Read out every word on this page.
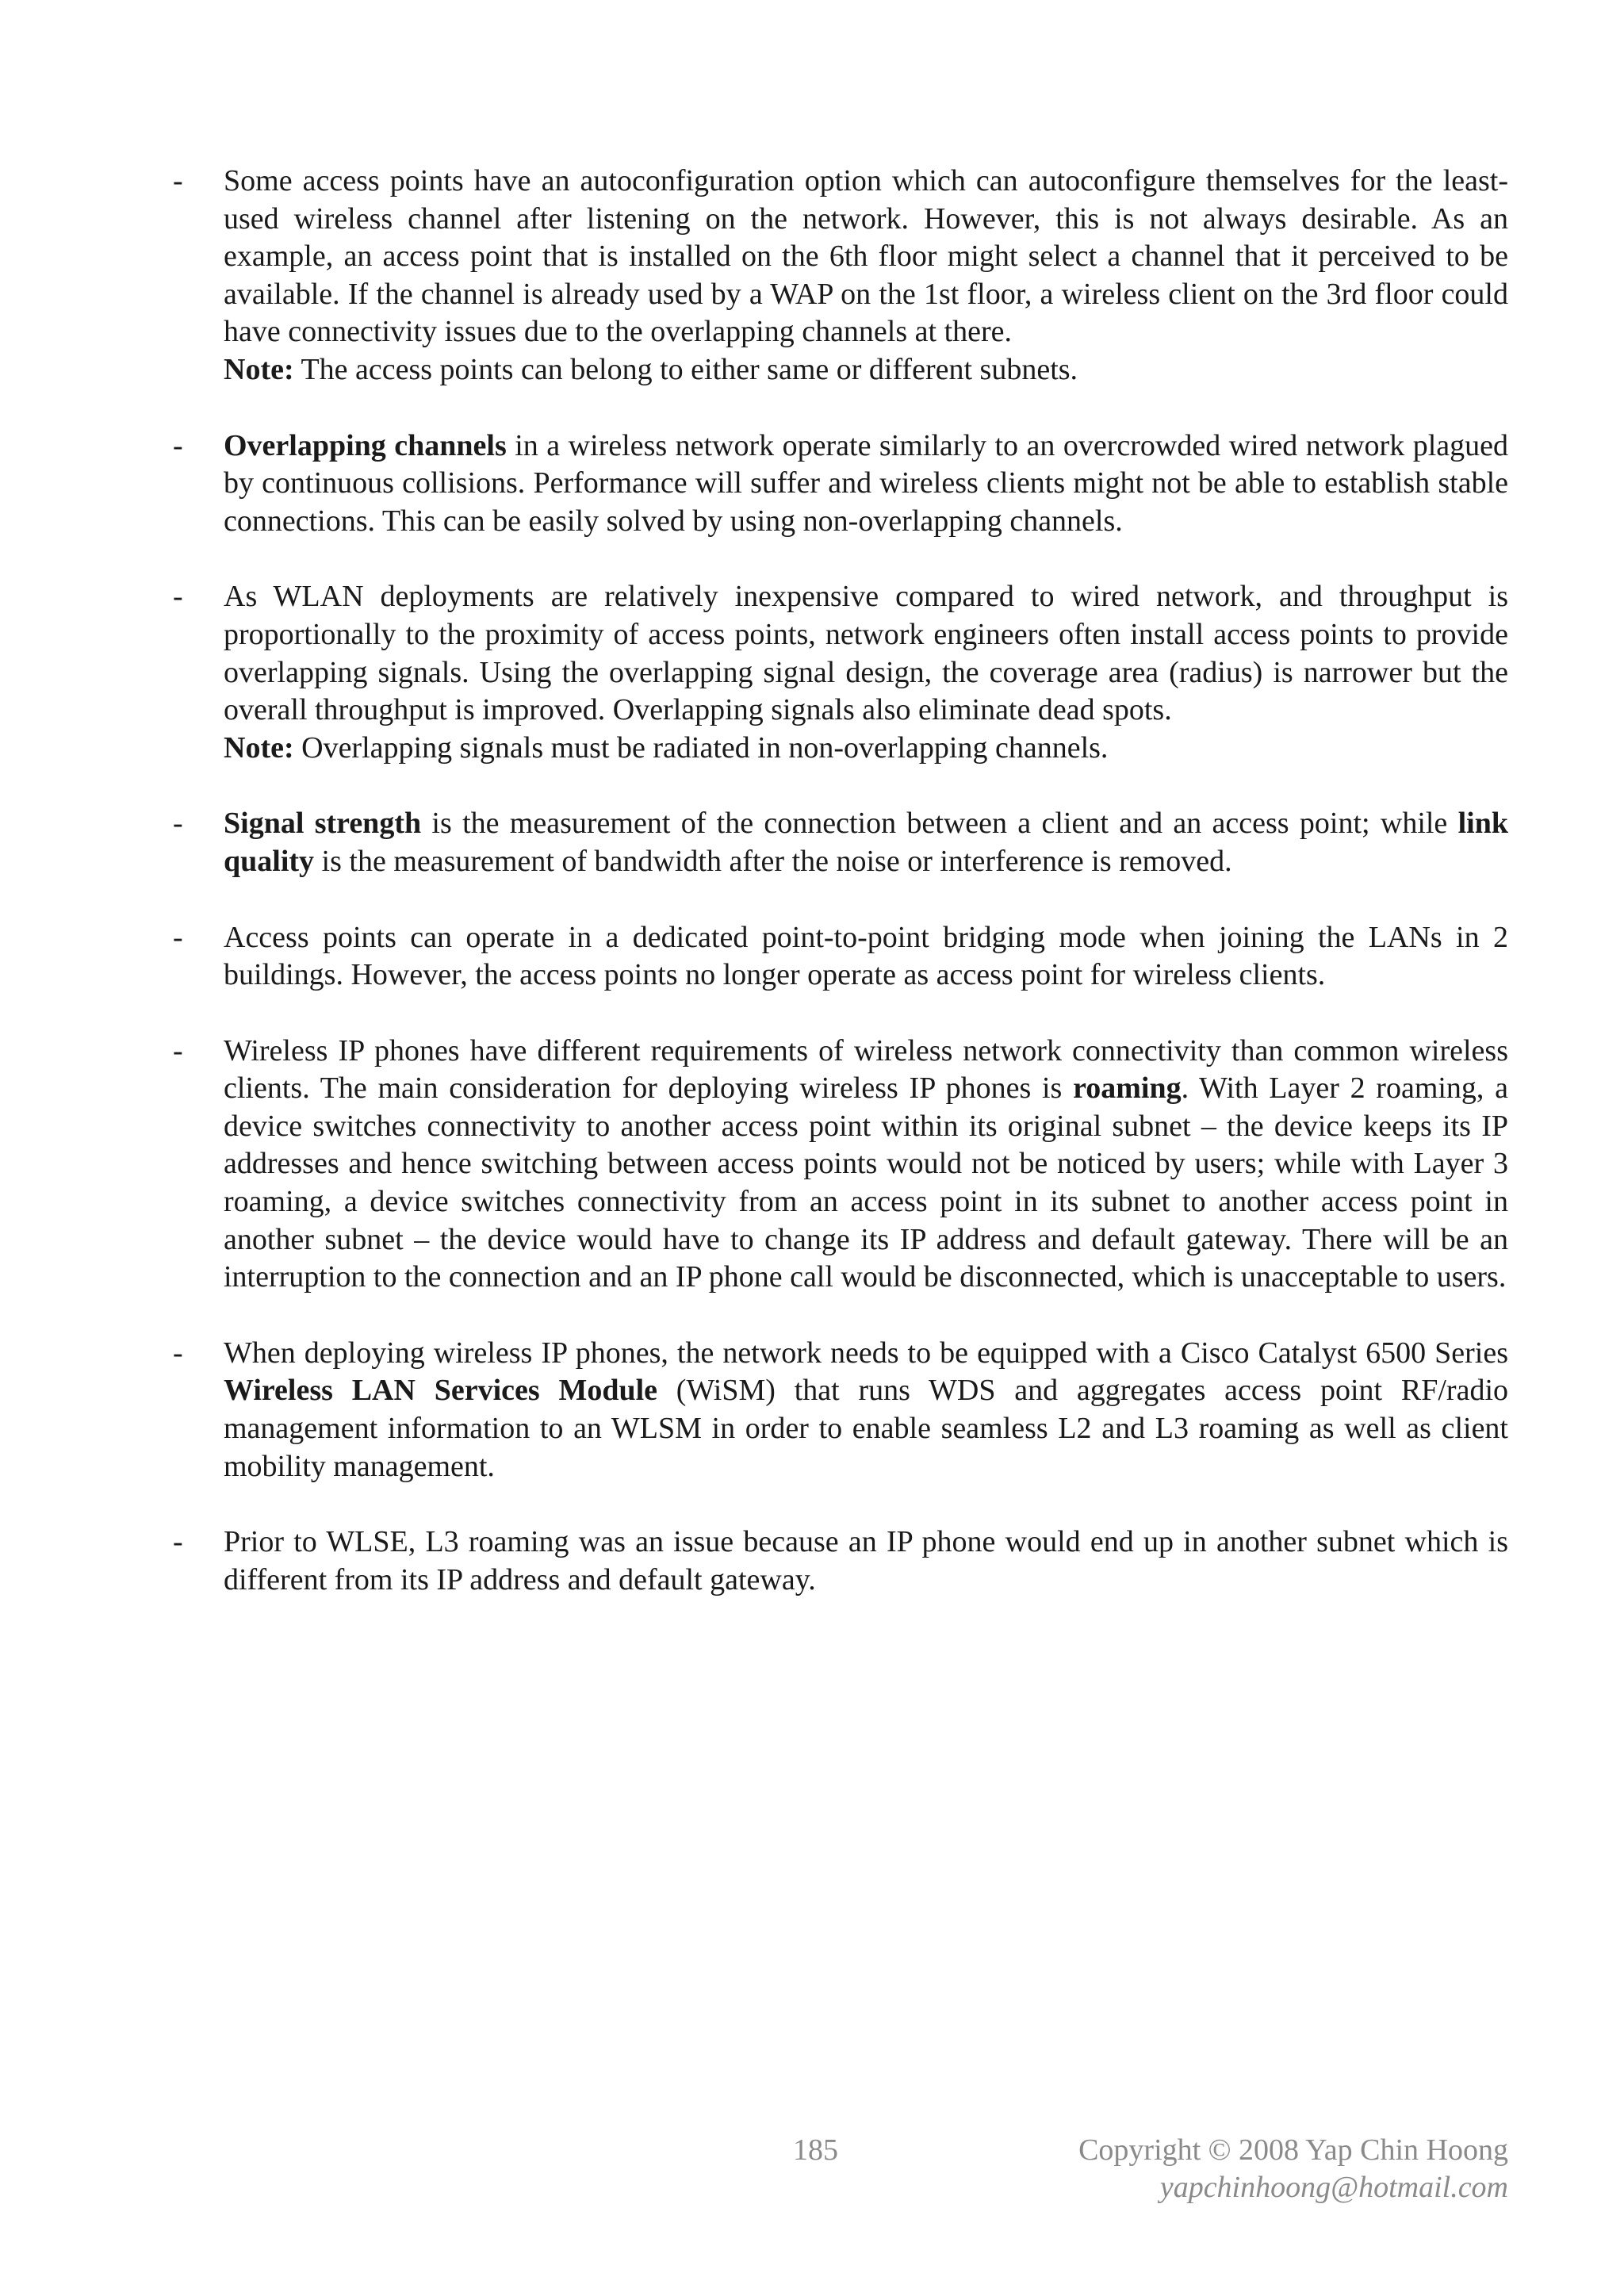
- Some access points have an autoconfiguration option which can autoconfigure themselves for the least-used wireless channel after listening on the network. However, this is not always desirable. As an example, an access point that is installed on the 6th floor might select a channel that it perceived to be available. If the channel is already used by a WAP on the 1st floor, a wireless client on the 3rd floor could have connectivity issues due to the overlapping channels at there.
Note: The access points can belong to either same or different subnets.
- Overlapping channels in a wireless network operate similarly to an overcrowded wired network plagued by continuous collisions. Performance will suffer and wireless clients might not be able to establish stable connections. This can be easily solved by using non-overlapping channels.
- As WLAN deployments are relatively inexpensive compared to wired network, and throughput is proportionally to the proximity of access points, network engineers often install access points to provide overlapping signals. Using the overlapping signal design, the coverage area (radius) is narrower but the overall throughput is improved. Overlapping signals also eliminate dead spots.
Note: Overlapping signals must be radiated in non-overlapping channels.
- Signal strength is the measurement of the connection between a client and an access point; while link quality is the measurement of bandwidth after the noise or interference is removed.
- Access points can operate in a dedicated point-to-point bridging mode when joining the LANs in 2 buildings. However, the access points no longer operate as access point for wireless clients.
- Wireless IP phones have different requirements of wireless network connectivity than common wireless clients. The main consideration for deploying wireless IP phones is roaming. With Layer 2 roaming, a device switches connectivity to another access point within its original subnet – the device keeps its IP addresses and hence switching between access points would not be noticed by users; while with Layer 3 roaming, a device switches connectivity from an access point in its subnet to another access point in another subnet – the device would have to change its IP address and default gateway. There will be an interruption to the connection and an IP phone call would be disconnected, which is unacceptable to users.
- When deploying wireless IP phones, the network needs to be equipped with a Cisco Catalyst 6500 Series Wireless LAN Services Module (WiSM) that runs WDS and aggregates access point RF/radio management information to an WLSM in order to enable seamless L2 and L3 roaming as well as client mobility management.
- Prior to WLSE, L3 roaming was an issue because an IP phone would end up in another subnet which is different from its IP address and default gateway.
185	Copyright © 2008 Yap Chin Hoong
yapchinhoong@hotmail.com
